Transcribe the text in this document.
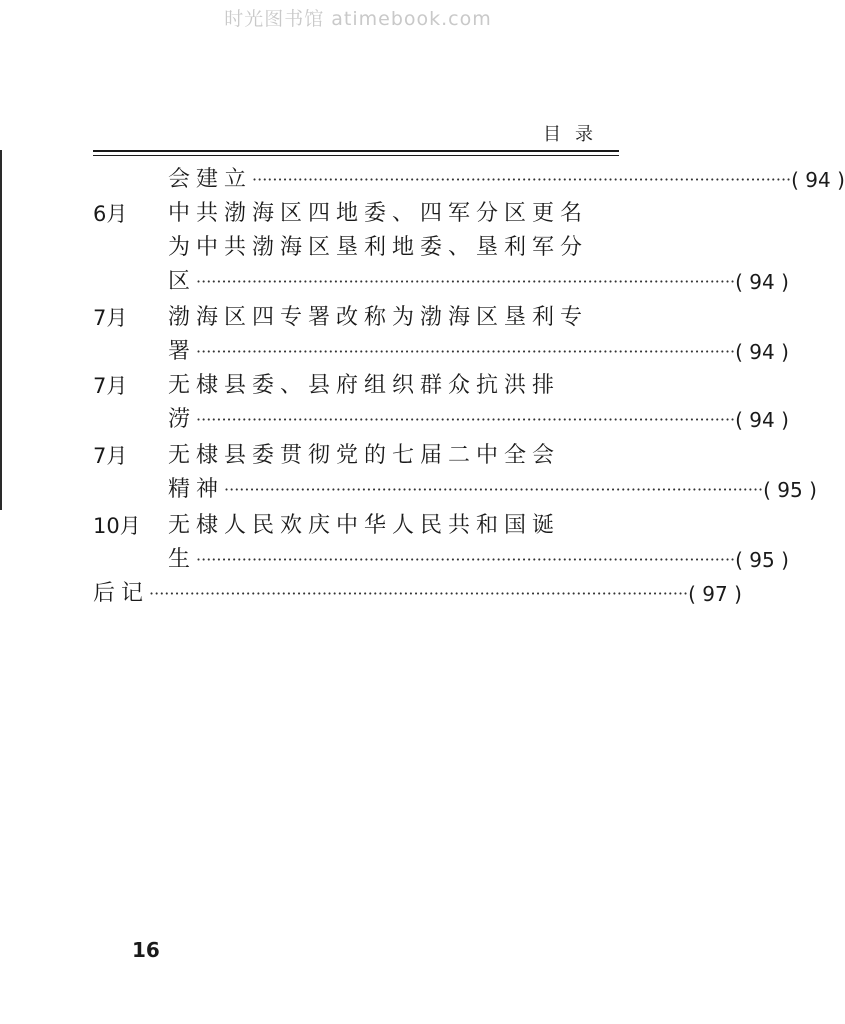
时光图书馆 atimebook.com
目录
会建立 ·········································································································· ( 94 )
6月 中共渤海区四地委、四军分区更名
为中共渤海区垦利地委、垦利军分
区 ·········································································································· ( 94 )
7月 渤海区四专署改称为渤海区垦利专
署 ·········································································································· ( 94 )
7月 无棣县委、县府组织群众抗洪排
涝 ·········································································································· ( 94 )
7月 无棣县委贯彻党的七届二中全会
精神 ·········································································································· ( 95 )
10月 无棣人民欢庆中华人民共和国诞
生 ·········································································································· ( 95 )
后记 ·········································································································· ( 97 )
16
